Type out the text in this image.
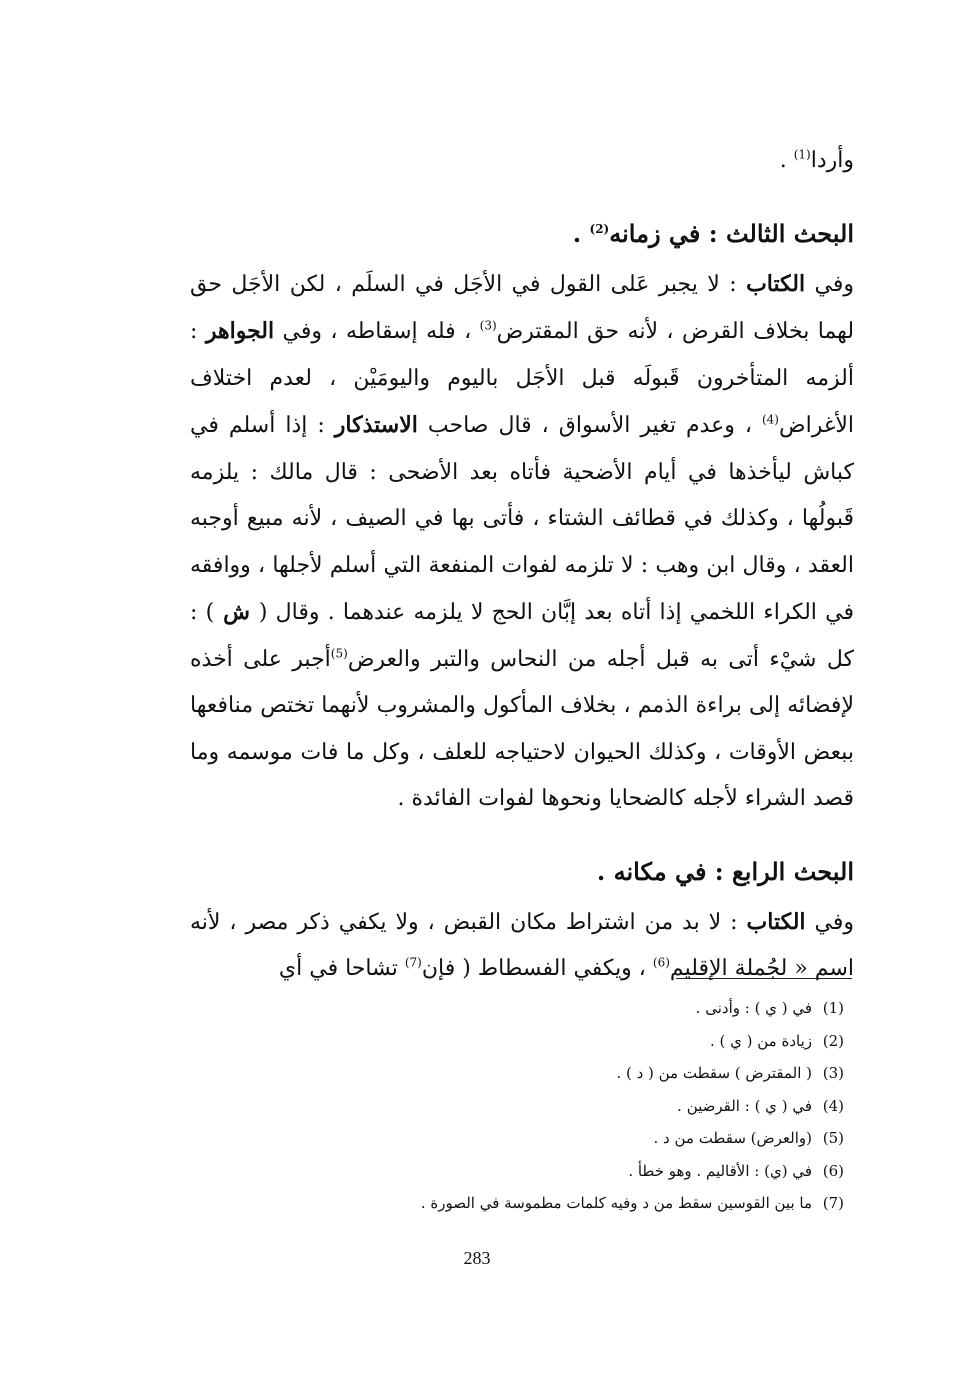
وأردا$^{(1)}$ .

البحث الثالث : في زمانه$^{(2)}$ .

وفي الكتاب : لا يجبر عَلى القول في الأجَل في السلَم ، لكن الأجَل حق لهما بخلاف القرض ، لأنه حق المقترض$^{(3)}$ ، فله إسقاطه ، وفي الجواهر : ألزمه المتأخرون قَبولَه قبل الأجَل باليوم واليومَيْن ، لعدم اختلاف الأغراض$^{(4)}$ ، وعدم تغير الأسواق ، قال صاحب الاستذكار : إذا أسلم في كباش ليأخذها في أيام الأضحية فأتاه بعد الأضحى : قال مالك : يلزمه قَبولُها ، وكذلك في قطائف الشتاء ، فأتى بها في الصيف ، لأنه مبيع أوجبه العقد ، وقال ابن وهب : لا تلزمه لفوات المنفعة التي أسلم لأجلها ، ووافقه في الكراء اللخمي إذا أتاه بعد إبَّان الحج لا يلزمه عندهما . وقال ( ش ) : كل شيْء أتى به قبل أجله من النحاس والتبر والعرض$^{(5)}$أجبر على أخذه لإفضائه إلى براءة الذمم ، بخلاف المأكول والمشروب لأنهما تختص منافعها ببعض الأوقات ، وكذلك الحيوان لاحتياجه للعلف ، وكل ما فات موسمه وما قصد الشراء لأجله كالضحايا ونحوها لفوات الفائدة .

البحث الرابع : في مكانه .

وفي الكتاب : لا بد من اشتراط مكان القبض ، ولا يكفي ذكر مصر ، لأنه اسم « لجُملة الإقليم$^{(6)}$ ، ويكفي الفسطاط ( فإن$^{(7)}$ تشاحا في أي

(1)
في ( ي ) : وأدنى .
(2)
زيادة من ( ي ) .
(3)
( المقترض ) سقطت من ( د ) .
(4)
في ( ي ) : القرضين .
(5)
(والعرض) سقطت من د .
(6)
في (ي) : الأقاليم . وهو خطأ .
(7)
ما بين القوسين سقط من د وفيه كلمات مطموسة في الصورة .
283
